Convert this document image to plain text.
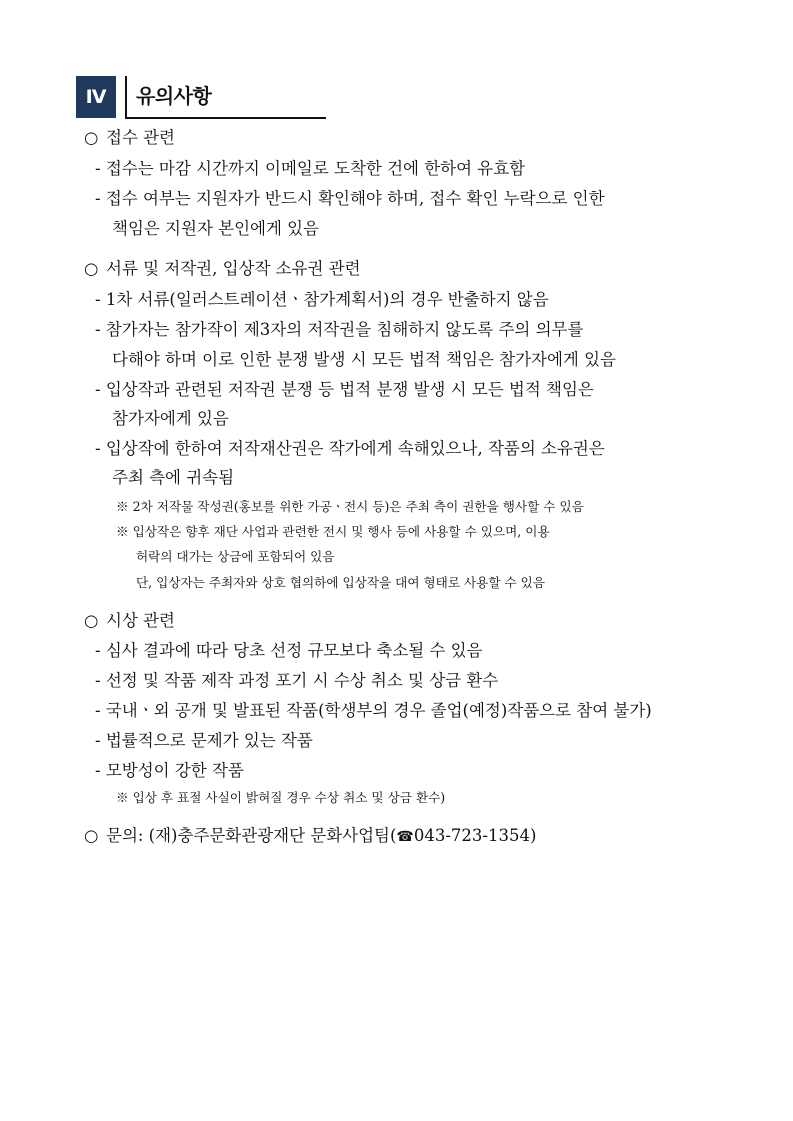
Ⅳ	유의사항
○ 접수 관련
- 접수는 마감 시간까지 이메일로 도착한 건에 한하여 유효함
- 접수 여부는 지원자가 반드시 확인해야 하며, 접수 확인 누락으로 인한
책임은 지원자 본인에게 있음
○ 서류 및 저작권, 입상작 소유권 관련
- 1차 서류(일러스트레이션ㆍ참가계획서)의 경우 반출하지 않음
- 참가자는 참가작이 제3자의 저작권을 침해하지 않도록 주의 의무를
다해야 하며 이로 인한 분쟁 발생 시 모든 법적 책임은 참가자에게 있음
- 입상작과 관련된 저작권 분쟁 등 법적 분쟁 발생 시 모든 법적 책임은
참가자에게 있음
- 입상작에 한하여 저작재산권은 작가에게 속해있으나, 작품의 소유권은
주최 측에 귀속됨
※ 2차 저작물 작성권(홍보를 위한 가공ㆍ전시 등)은 주최 측이 권한을 행사할 수 있음
※ 입상작은 향후 재단 사업과 관련한 전시 및 행사 등에 사용할 수 있으며, 이용
허락의 대가는 상금에 포함되어 있음
단, 입상자는 주최자와 상호 협의하에 입상작을 대여 형태로 사용할 수 있음
○ 시상 관련
- 심사 결과에 따라 당초 선정 규모보다 축소될 수 있음
- 선정 및 작품 제작 과정 포기 시 수상 취소 및 상금 환수
- 국내ㆍ외 공개 및 발표된 작품(학생부의 경우 졸업(예정)작품으로 참여 불가)
- 법률적으로 문제가 있는 작품
- 모방성이 강한 작품
※ 입상 후 표절 사실이 밝혀질 경우 수상 취소 및 상금 환수)
○ 문의: (재)충주문화관광재단 문화사업팀(☎043-723-1354)
